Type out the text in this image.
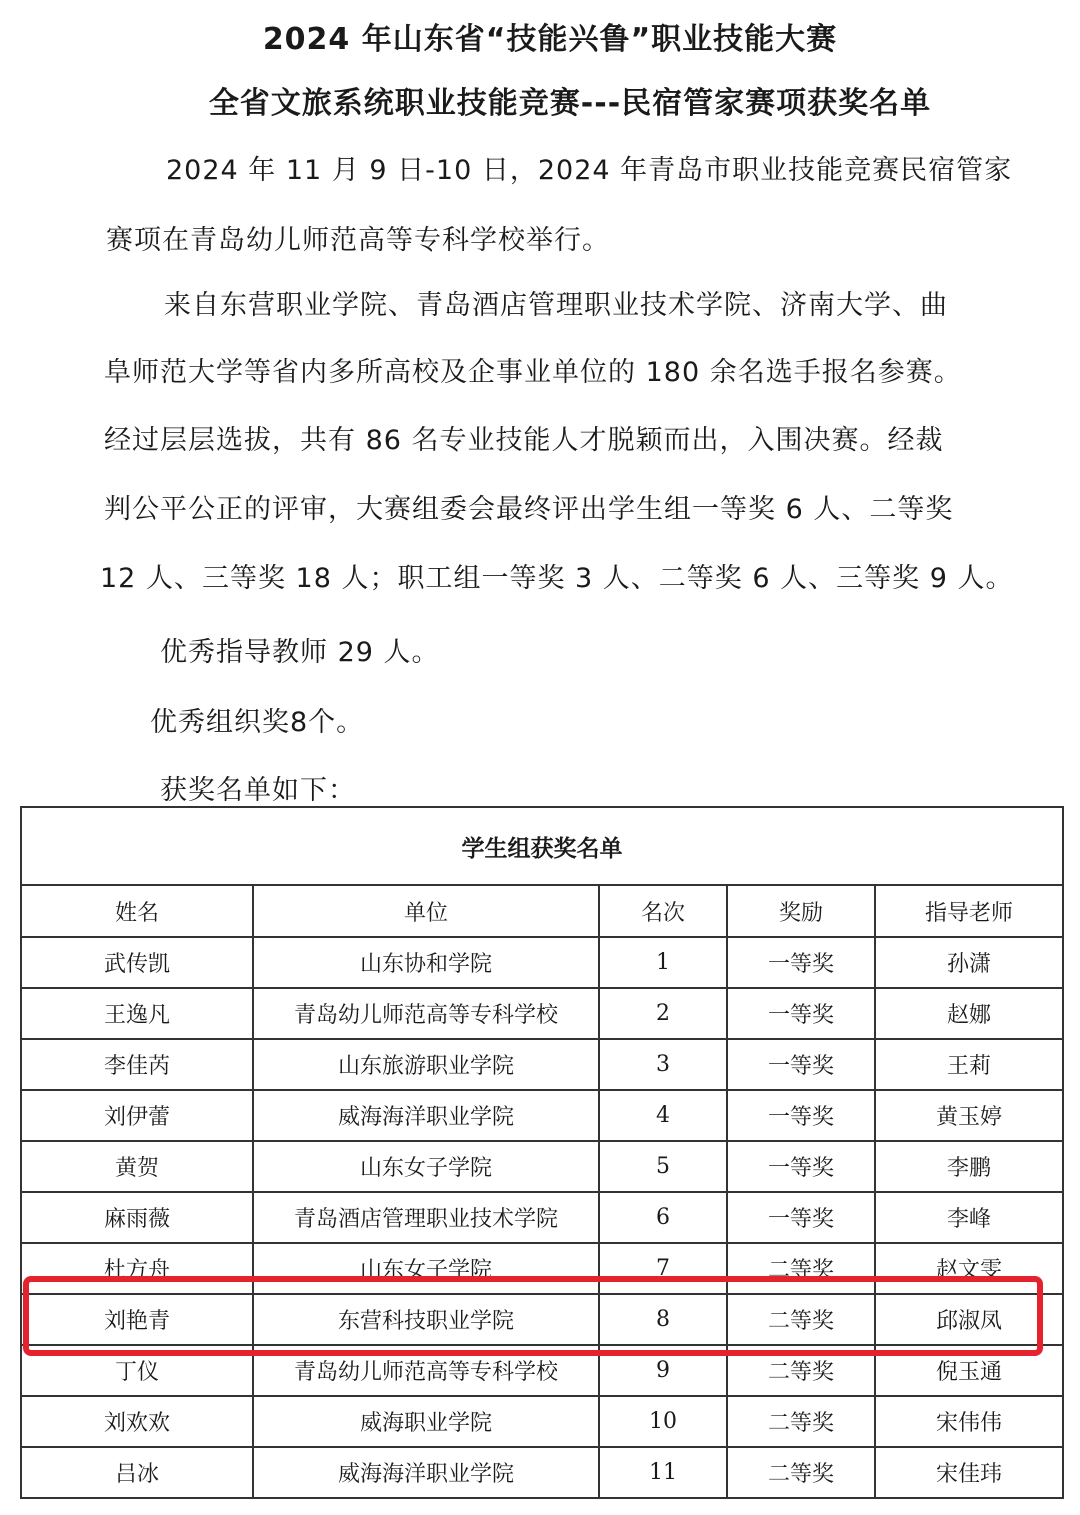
2024 年山东省“技能兴鲁”职业技能大赛
全省文旅系统职业技能竞赛---民宿管家赛项获奖名单
2024 年 11 月 9 日-10 日，2024 年青岛市职业技能竞赛民宿管家
赛项在青岛幼儿师范高等专科学校举行。
来自东营职业学院、青岛酒店管理职业技术学院、济南大学、曲
阜师范大学等省内多所高校及企事业单位的 180 余名选手报名参赛。
经过层层选拔，共有 86 名专业技能人才脱颖而出，入围决赛。经裁
判公平公正的评审，大赛组委会最终评出学生组一等奖 6 人、二等奖
12 人、三等奖 18 人；职工组一等奖 3 人、二等奖 6 人、三等奖 9 人。
优秀指导教师 29 人。
优秀组织奖8个。
获奖名单如下：
学生组获奖名单				
姓名	单位	名次	奖励	指导老师
武传凯	山东协和学院	1	一等奖	孙潇
王逸凡	青岛幼儿师范高等专科学校	2	一等奖	赵娜
李佳芮	山东旅游职业学院	3	一等奖	王莉
刘伊蕾	威海海洋职业学院	4	一等奖	黄玉婷
黄贺	山东女子学院	5	一等奖	李鹏
麻雨薇	青岛酒店管理职业技术学院	6	一等奖	李峰
杜方舟	山东女子学院	7	二等奖	赵文雯
刘艳青	东营科技职业学院	8	二等奖	邱淑凤
丁仪	青岛幼儿师范高等专科学校	9	二等奖	倪玉通
刘欢欢	威海职业学院	10	二等奖	宋伟伟
吕冰	威海海洋职业学院	11	二等奖	宋佳玮
